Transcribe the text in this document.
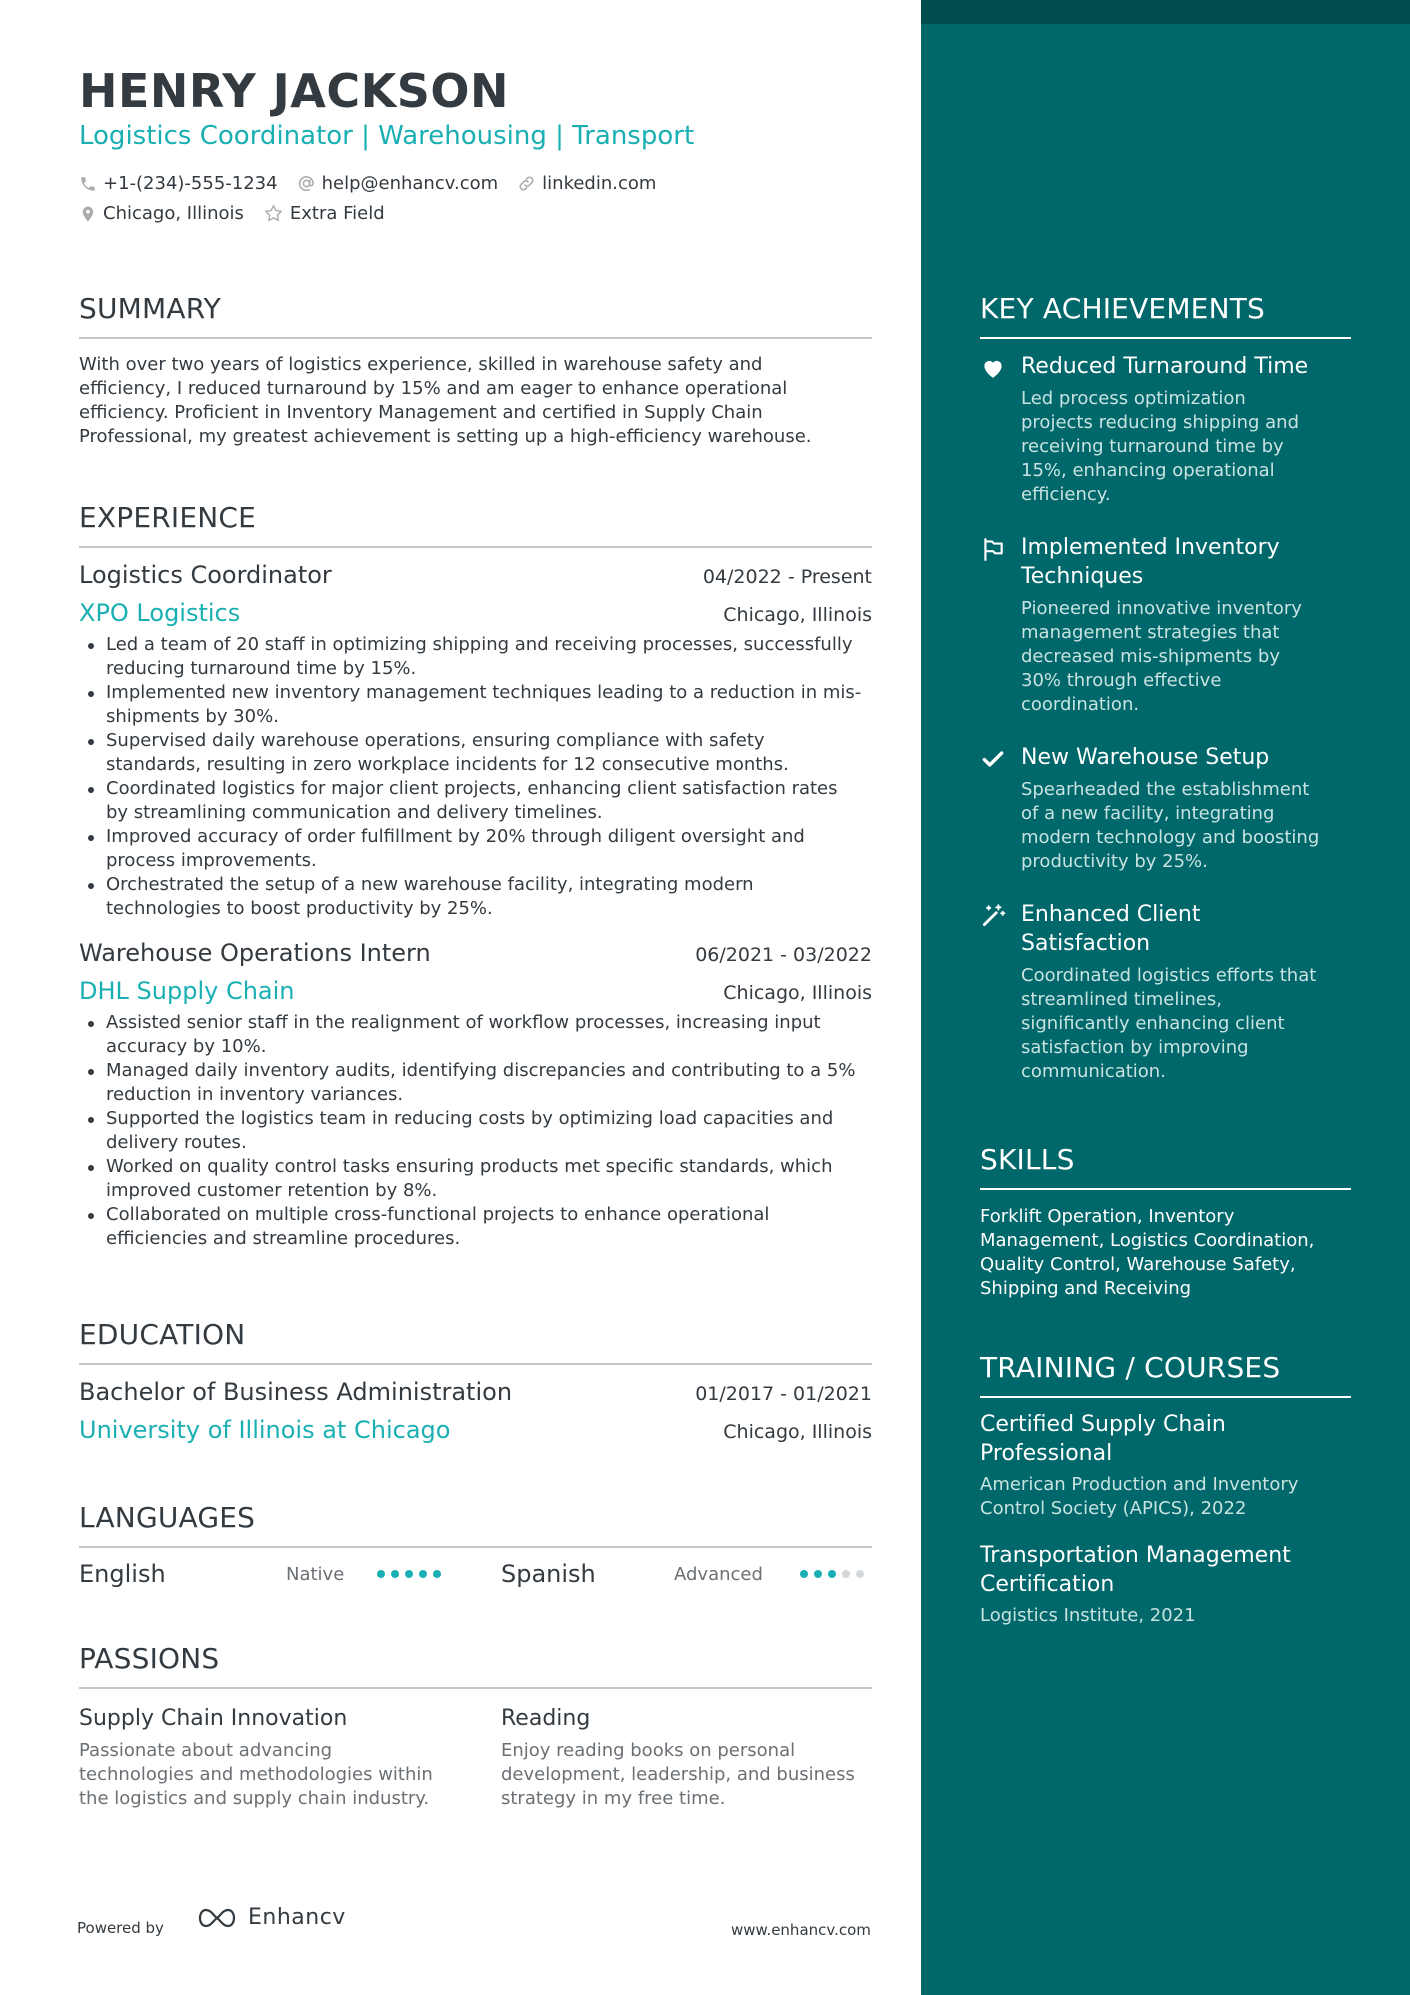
HENRY JACKSON
Logistics Coordinator | Warehousing | Transport
+1-(234)-555-1234 help@enhancv.com linkedin.com
Chicago, Illinois	Extra Field
SUMMARY
With over two years of logistics experience, skilled in warehouse safety and
efficiency, I reduced turnaround by 15% and am eager to enhance operational
efficiency. Proficient in Inventory Management and certified in Supply Chain
Professional, my greatest achievement is setting up a high-efficiency warehouse.
EXPERIENCE
Logistics Coordinator	04/2022 - Present
XPO Logistics	Chicago, Illinois
Led a team of 20 staff in optimizing shipping and receiving processes, successfully
reducing turnaround time by 15%.
Implemented new inventory management techniques leading to a reduction in mis-
shipments by 30%.
Supervised daily warehouse operations, ensuring compliance with safety
standards, resulting in zero workplace incidents for 12 consecutive months.
Coordinated logistics for major client projects, enhancing client satisfaction rates
by streamlining communication and delivery timelines.
Improved accuracy of order fulfillment by 20% through diligent oversight and
process improvements.
Orchestrated the setup of a new warehouse facility, integrating modern
technologies to boost productivity by 25%.
Warehouse Operations Intern	06/2021 - 03/2022
DHL Supply Chain	Chicago, Illinois
Assisted senior staff in the realignment of workflow processes, increasing input
accuracy by 10%.
Managed daily inventory audits, identifying discrepancies and contributing to a 5%
reduction in inventory variances.
Supported the logistics team in reducing costs by optimizing load capacities and
delivery routes.
Worked on quality control tasks ensuring products met specific standards, which
improved customer retention by 8%.
Collaborated on multiple cross-functional projects to enhance operational
efficiencies and streamline procedures.
EDUCATION
Bachelor of Business Administration	01/2017 - 01/2021
University of Illinois at Chicago	Chicago, Illinois
LANGUAGES
English	Native	Spanish	Advanced
PASSIONS
Supply Chain Innovation
Passionate about advancing
technologies and methodologies within
the logistics and supply chain industry.
Reading
Enjoy reading books on personal
development, leadership, and business
strategy in my free time.
Powered by	Enhancv	www.enhancv.com
KEY ACHIEVEMENTS
Reduced Turnaround Time
Led process optimization
projects reducing shipping and
receiving turnaround time by
15%, enhancing operational
efficiency.
Implemented Inventory
Techniques
Pioneered innovative inventory
management strategies that
decreased mis-shipments by
30% through effective
coordination.
New Warehouse Setup
Spearheaded the establishment
of a new facility, integrating
modern technology and boosting
productivity by 25%.
Enhanced Client
Satisfaction
Coordinated logistics efforts that
streamlined timelines,
significantly enhancing client
satisfaction by improving
communication.
SKILLS
Forklift Operation, Inventory
Management, Logistics Coordination,
Quality Control, Warehouse Safety,
Shipping and Receiving
TRAINING / COURSES
Certified Supply Chain
Professional
American Production and Inventory
Control Society (APICS), 2022
Transportation Management
Certification
Logistics Institute, 2021
